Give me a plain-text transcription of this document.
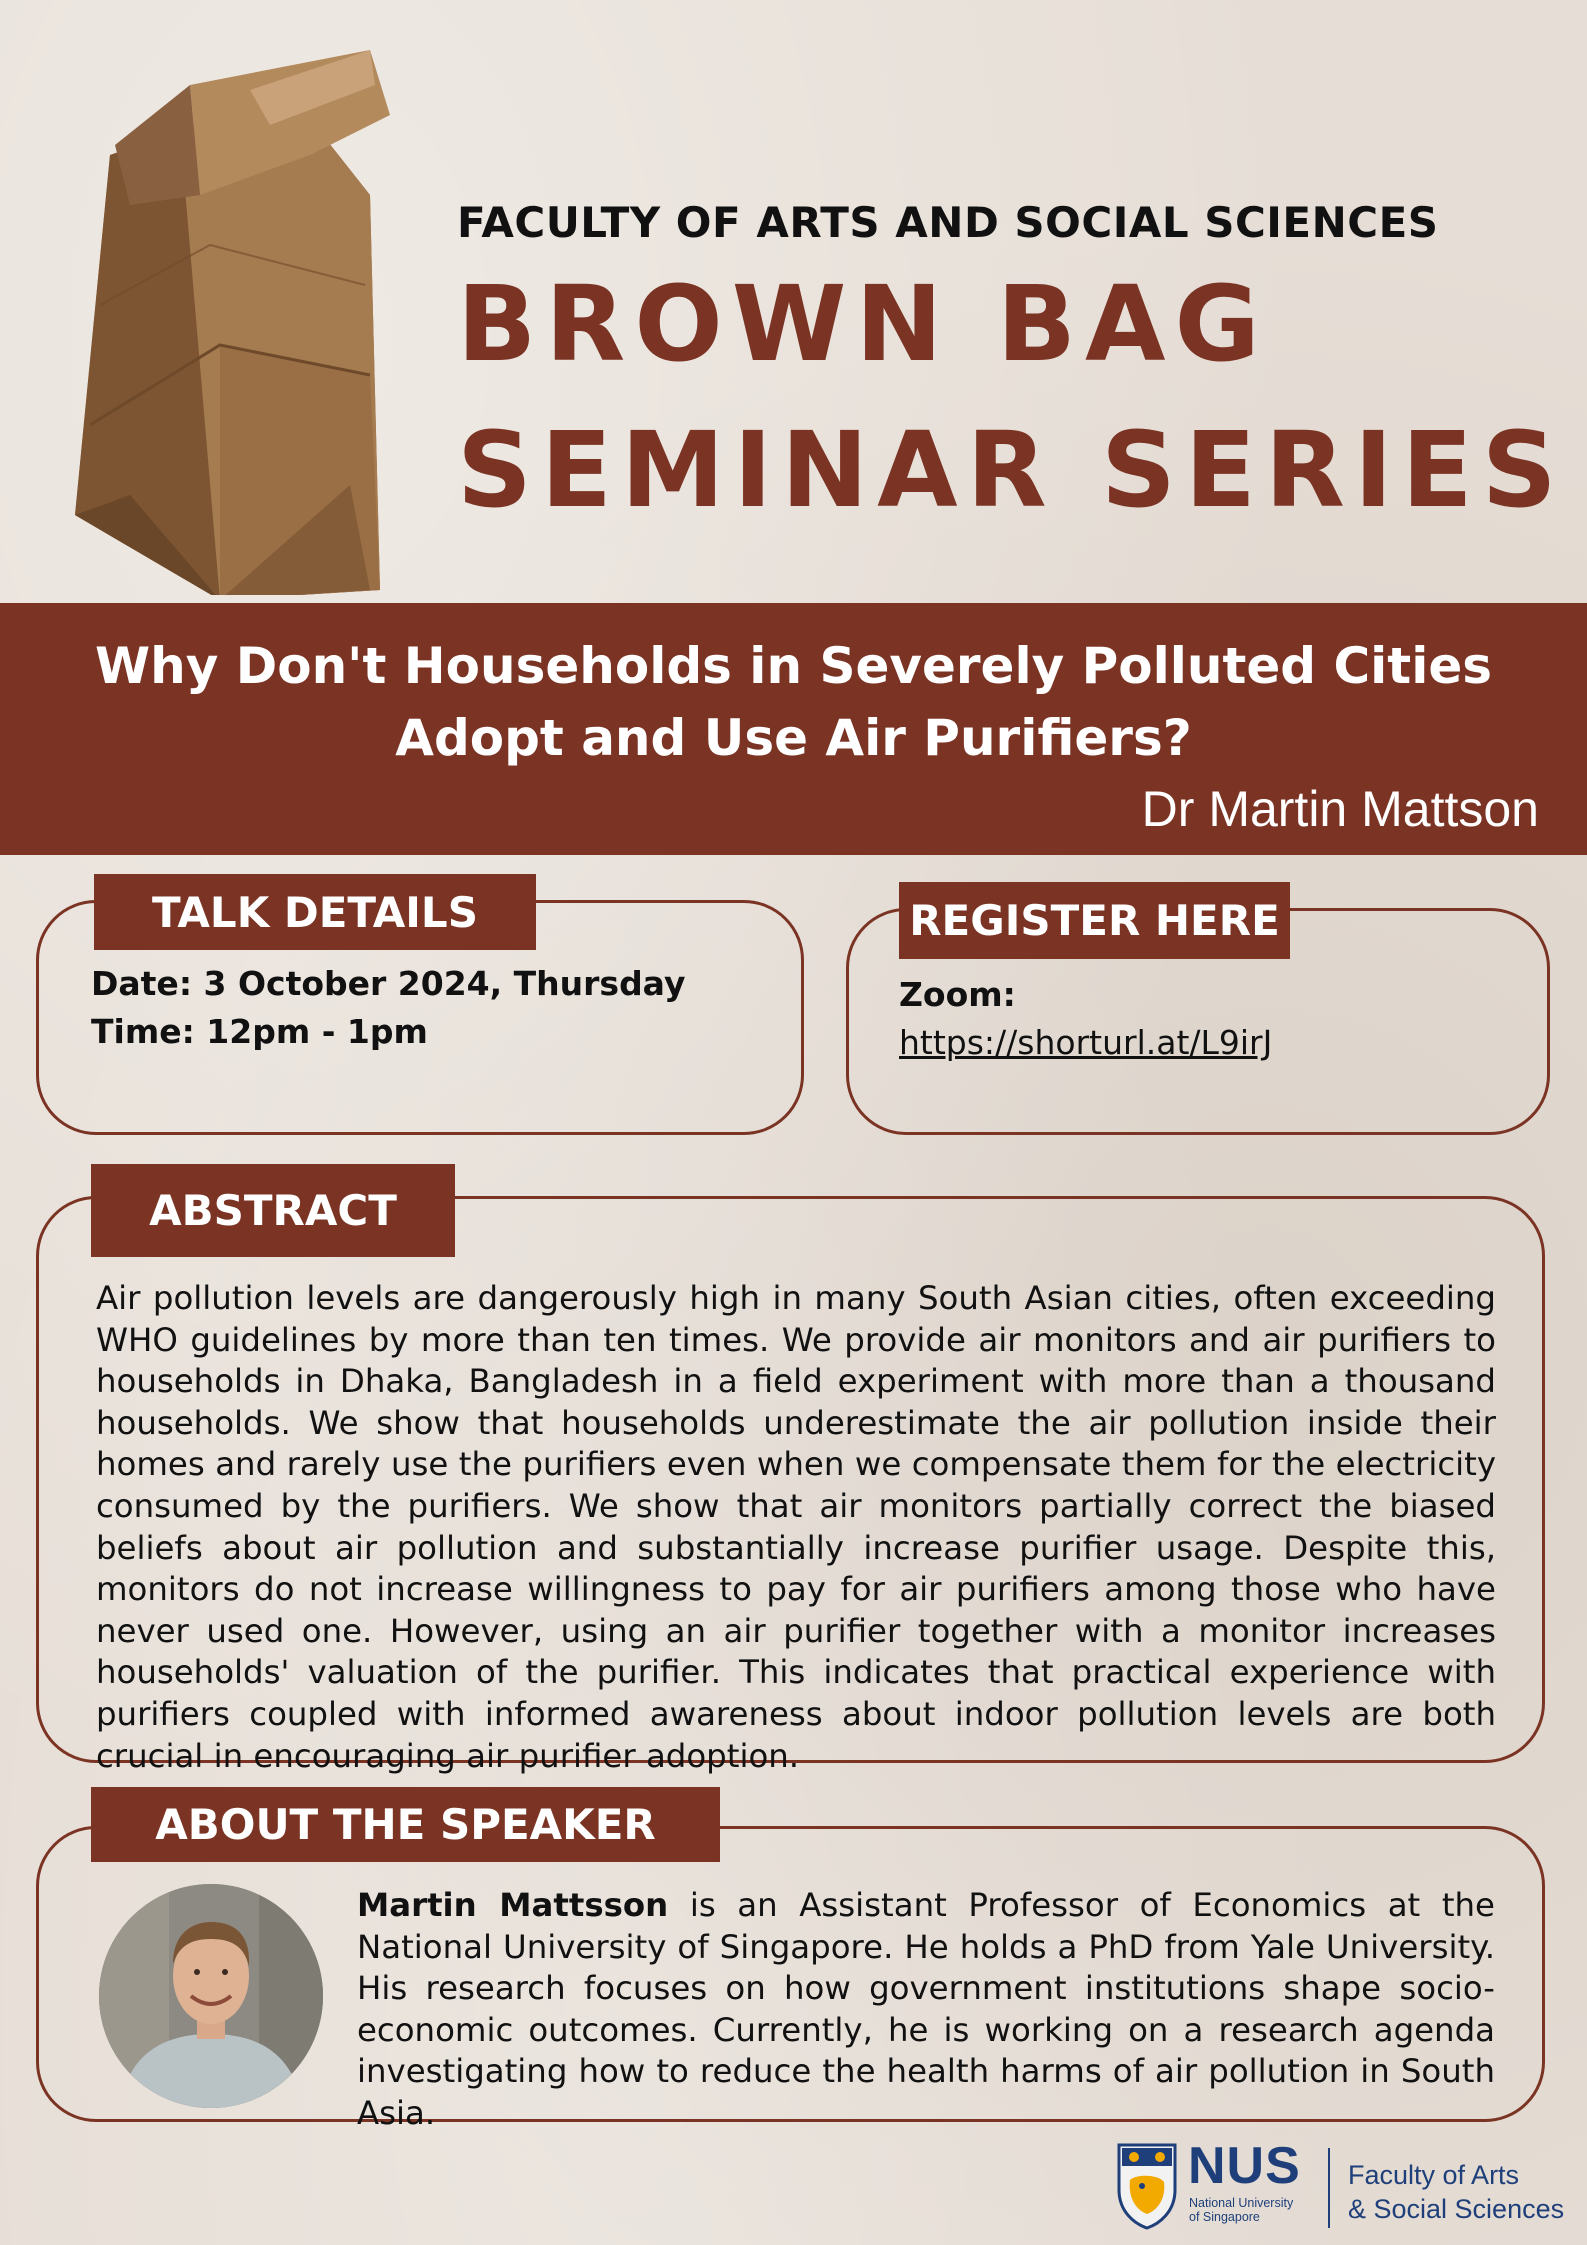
FACULTY OF ARTS AND SOCIAL SCIENCES
BROWN BAG
SEMINAR SERIES
Why Don't Households in Severely Polluted Cities
Adopt and Use Air Purifiers?
Dr Martin Mattson
TALK DETAILS
Date: 3 October 2024, Thursday
Time: 12pm - 1pm
REGISTER HERE
Zoom:
https://shorturl.at/L9irJ
ABSTRACT
Air pollution levels are dangerously high in many South Asian cities, often exceeding WHO guidelines by more than ten times. We provide air monitors and air purifiers to households in Dhaka, Bangladesh in a field experiment with more than a thousand households. We show that households underestimate the air pollution inside their homes and rarely use the purifiers even when we compensate them for the electricity consumed by the purifiers. We show that air monitors partially correct the biased beliefs about air pollution and substantially increase purifier usage. Despite this, monitors do not increase willingness to pay for air purifiers among those who have never used one. However, using an air purifier together with a monitor increases households' valuation of the purifier. This indicates that practical experience with purifiers coupled with informed awareness about indoor pollution levels are both crucial in encouraging air purifier adoption.
ABOUT THE SPEAKER
Martin Mattsson is an Assistant Professor of Economics at the National University of Singapore. He holds a PhD from Yale University. His research focuses on how government institutions shape socio-economic outcomes. Currently, he is working on a research agenda investigating how to reduce the health harms of air pollution in South Asia.
NUS
National University
of Singapore
Faculty of Arts
& Social Sciences
